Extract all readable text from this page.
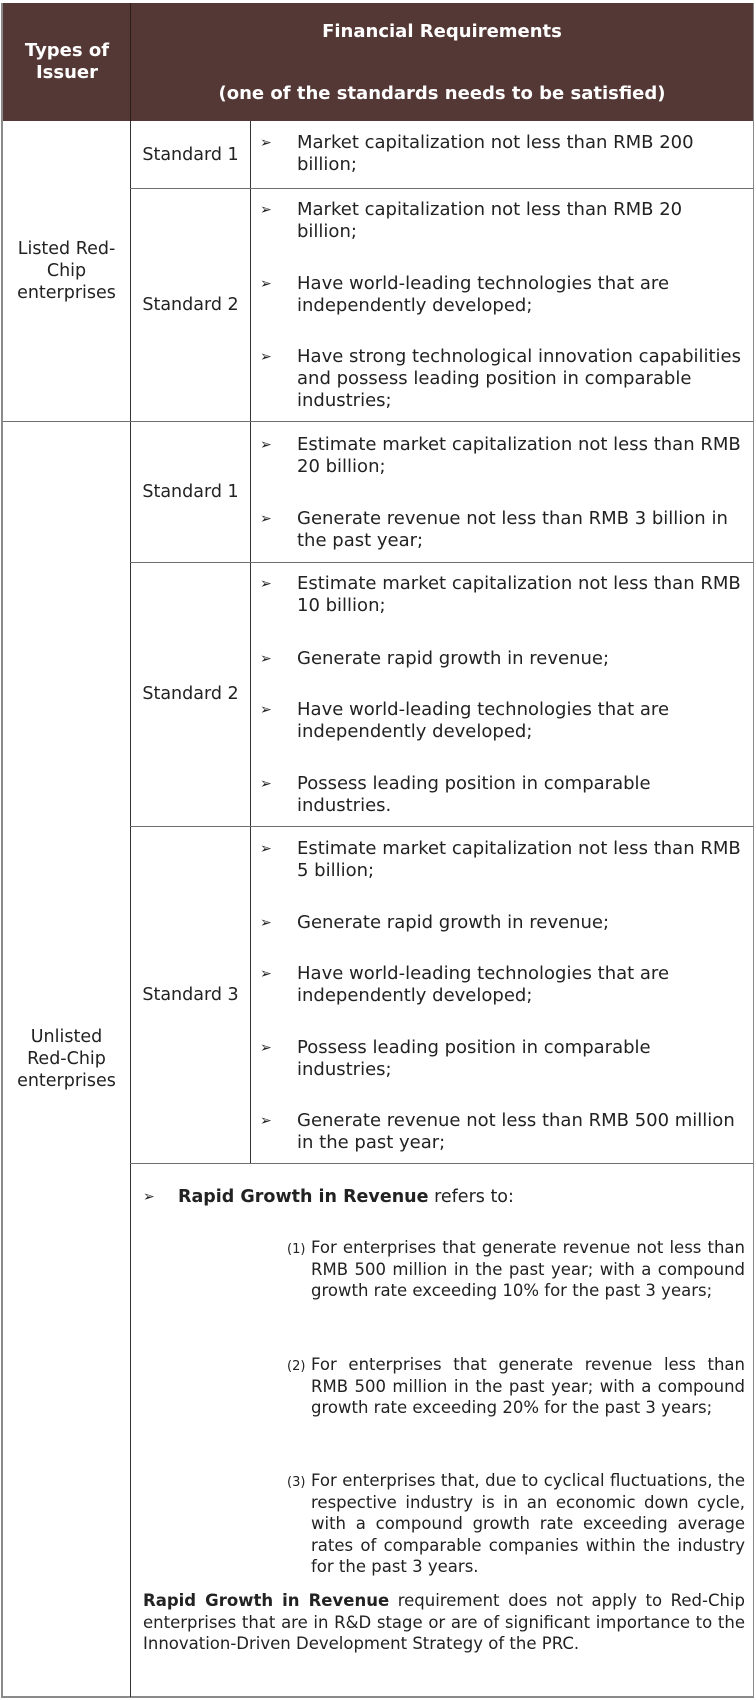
Types of Issuer
Financial Requirements
(one of the standards needs to be satisfied)
Listed Red-Chip enterprises
Unlisted Red-Chip enterprises
Standard 1
Standard 2
Standard 1
Standard 2
Standard 3
➢ Market capitalization not less than RMB 200 billion;
➢ Market capitalization not less than RMB 20 billion;
➢ Have world-leading technologies that are independently developed;
➢ Have strong technological innovation capabilities and possess leading position in comparable industries;
➢ Estimate market capitalization not less than RMB 20 billion;
➢ Generate revenue not less than RMB 3 billion in the past year;
➢ Estimate market capitalization not less than RMB 10 billion;
➢ Generate rapid growth in revenue;
➢ Have world-leading technologies that are independently developed;
➢ Possess leading position in comparable industries.
➢ Estimate market capitalization not less than RMB 5 billion;
➢ Generate rapid growth in revenue;
➢ Have world-leading technologies that are independently developed;
➢ Possess leading position in comparable industries;
➢ Generate revenue not less than RMB 500 million in the past year;
➢ Rapid Growth in Revenue refers to:
(1) For enterprises that generate revenue not less than RMB 500 million in the past year; with a compound growth rate exceeding 10% for the past 3 years;
(2) For enterprises that generate revenue less than RMB 500 million in the past year; with a compound growth rate exceeding 20% for the past 3 years;
(3) For enterprises that, due to cyclical fluctuations, the respective industry is in an economic down cycle, with a compound growth rate exceeding average rates of comparable companies within the industry for the past 3 years.
Rapid Growth in Revenue requirement does not apply to Red-Chip enterprises that are in R&D stage or are of significant importance to the Innovation-Driven Development Strategy of the PRC.
